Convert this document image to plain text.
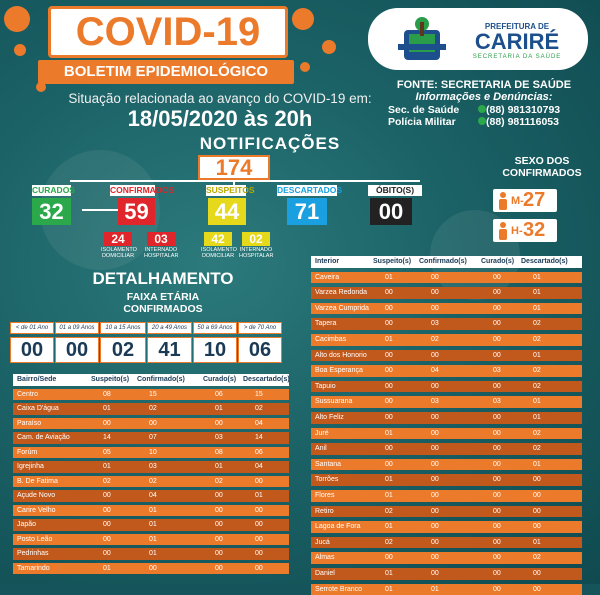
COVID-19
BOLETIM EPIDEMIOLÓGICO
Situação relacionada ao avanço do COVID-19 em:
18/05/2020 às 20h
PREFEITURA DE
CARIRÉ
SECRETARIA DA SAÚDE
FONTE: SECRETARIA DE SAÚDE
Informações e Denúncias:
Sec. de Saúde	(88) 981310793
Polícia Militar	(88) 981116053
NOTIFICAÇÕES
174	SEXO DOS CONFIRMADOS
M- 27
H- 32
DETALHAMENTO
FAIXA ETÁRIA
CONFIRMADOS
CURADOS
32
CONFIRMADOS
59
SUSPEITOS
44
DESCARTADOS
71
ÓBITO(S)
00
24
ISOLAMENTO DOMICILIAR
03
INTERNADO HOSPITALAR
42
ISOLAMENTO DOMICILIAR
02
INTERNADO HOSPITALAR
< de 01 Ano
00
01 a 09 Anos
00
10 a 15 Anos
02
20 a 49 Anos
41
50 a 69 Anos
10
> de 70 Ano
06
Bairro/Sede	Suspeito(s) Confirmado(s)	Curado(s) Descartado(s)
Centro	08	15	06	15
Caixa D'água	01	02	01	02
Paraíso	00	00	00	04
Cam. de Aviação	14	07	03	14
Forúm	05	10	08	06
Igrejinha	01	03	01	04
B. De Fatima	02	02	02	00
Açude Novo	00	04	00	01
Carire Velho	00	01	00	00
Japão	00	01	00	00
Posto Leão	00	01	00	00
Pedrinhas	00	01	00	00
Tamarindo	01	00	00	00
Interior	Suspeito(s) Confirmado(s) Curado(s) Descartado(s)
Caveira	01	00	00	01
Varzea Redonda	00	00	00	01
Varzea Cumprida 00	00	00	01
Tapera	00	03	00	02
Cacimbas	01	02	00	02
Alto dos Honorio	00	00	00	01
Boa Esperança	00	04	03	02
Tapuio	00	00	00	02
Sussuarana	00	03	03	01
Alto Feliz	00	00	00	01
Juré	01	00	00	02
Anil	00	00	00	02
Santana	00	00	00	01
Torrões	01	00	00	00
Flores	01	00	00	00
Retiro	02	00	00	00
Lagoa de Fora	01	00	00	00
Jucá	02	00	00	01
Almas	00	00	00	02
Daniel	01	00	00	00
Serrote Branco	01	01	00	00
